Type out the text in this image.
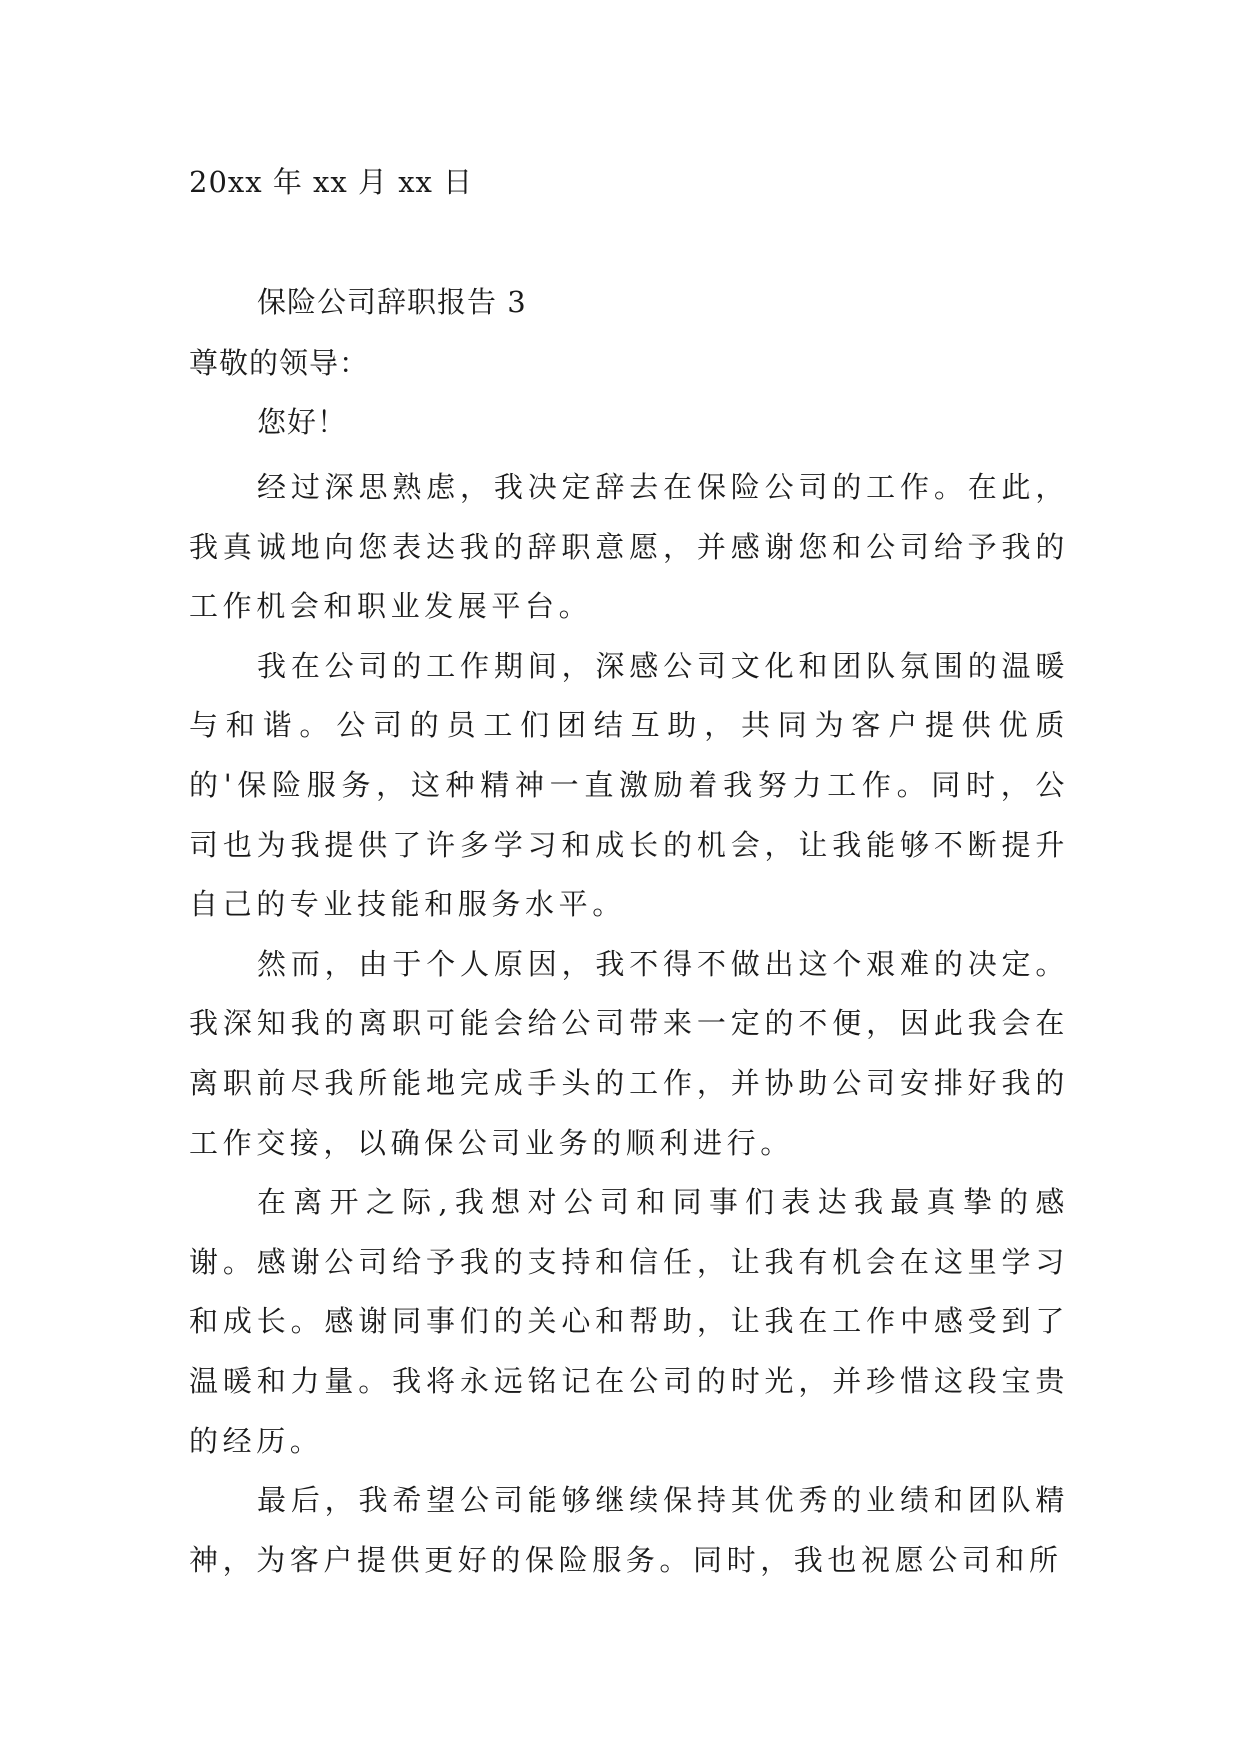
20xx 年 xx 月 xx 日
保险公司辞职报告 3
尊敬的领导：
您好！

经过深思熟虑，我决定辞去在保险公司的工作。在此，我真诚地向您表达我的辞职意愿，并感谢您和公司给予我的工作机会和职业发展平台。

我在公司的工作期间，深感公司文化和团队氛围的温暖与和谐。公司的员工们团结互助，共同为客户提供优质的'保险服务，这种精神一直激励着我努力工作。同时，公司也为我提供了许多学习和成长的机会，让我能够不断提升自己的专业技能和服务水平。

然而，由于个人原因，我不得不做出这个艰难的决定。我深知我的离职可能会给公司带来一定的不便，因此我会在离职前尽我所能地完成手头的工作，并协助公司安排好我的工作交接，以确保公司业务的顺利进行。

在离开之际,我想对公司和同事们表达我最真挚的感谢。感谢公司给予我的支持和信任，让我有机会在这里学习和成长。感谢同事们的关心和帮助，让我在工作中感受到了温暖和力量。我将永远铭记在公司的时光，并珍惜这段宝贵的经历。

最后，我希望公司能够继续保持其优秀的业绩和团队精神，为客户提供更好的保险服务。同时，我也祝愿公司和所
